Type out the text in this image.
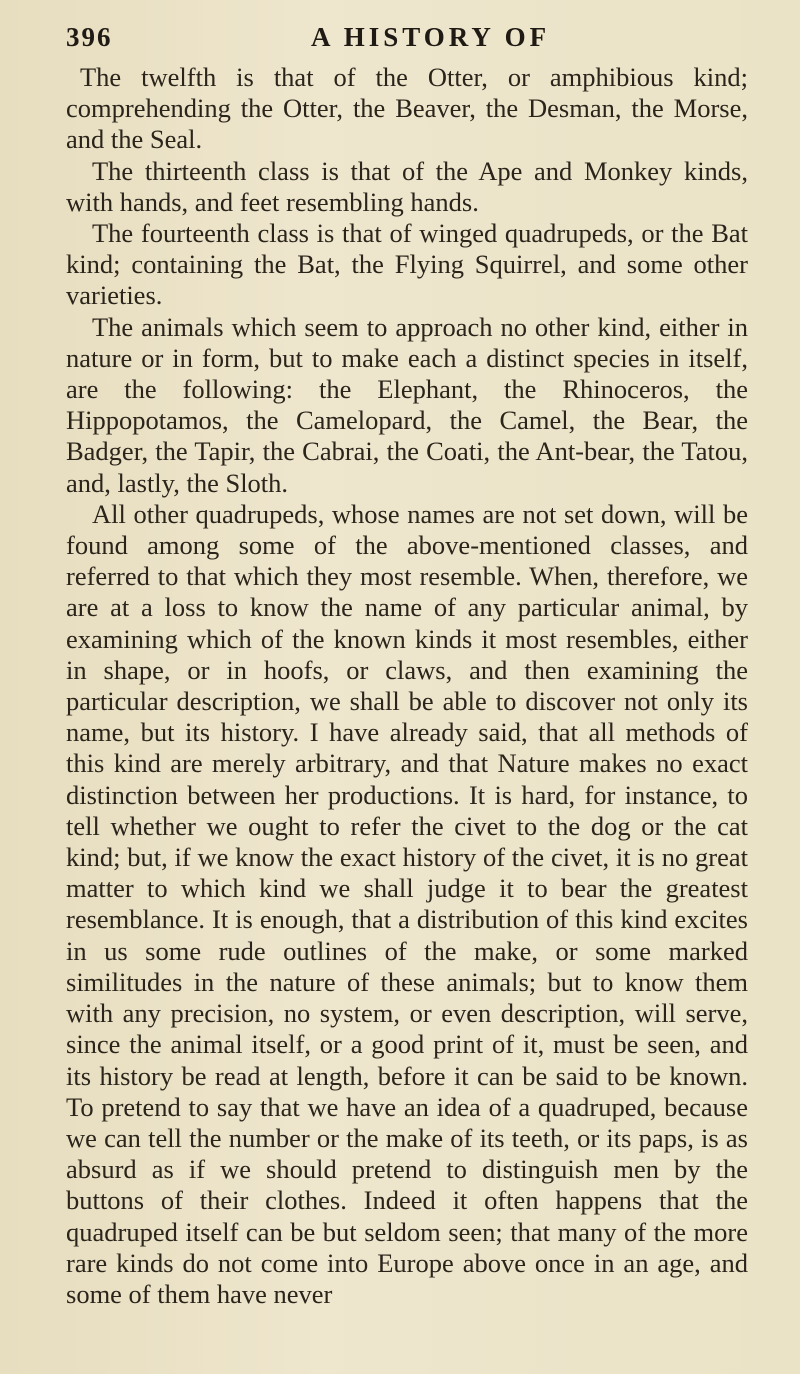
396	A HISTORY OF

The twelfth is that of the Otter, or amphibious kind; comprehending the Otter, the Beaver, the Desman, the Morse, and the Seal.

The thirteenth class is that of the Ape and Monkey kinds, with hands, and feet resembling hands.

The fourteenth class is that of winged quadrupeds, or the Bat kind; containing the Bat, the Flying Squirrel, and some other varieties.

The animals which seem to approach no other kind, either in nature or in form, but to make each a distinct species in itself, are the following: the Elephant, the Rhinoceros, the Hippopotamos, the Camelopard, the Camel, the Bear, the Badger, the Tapir, the Cabrai, the Coati, the Ant-bear, the Tatou, and, lastly, the Sloth.

All other quadrupeds, whose names are not set down, will be found among some of the above-mentioned classes, and referred to that which they most resemble. When, therefore, we are at a loss to know the name of any particular animal, by examining which of the known kinds it most resembles, either in shape, or in hoofs, or claws, and then examining the particular description, we shall be able to discover not only its name, but its history. I have already said, that all methods of this kind are merely arbitrary, and that Nature makes no exact distinction between her productions. It is hard, for instance, to tell whether we ought to refer the civet to the dog or the cat kind; but, if we know the exact history of the civet, it is no great matter to which kind we shall judge it to bear the greatest resemblance. It is enough, that a distribution of this kind excites in us some rude outlines of the make, or some marked similitudes in the nature of these animals; but to know them with any precision, no system, or even description, will serve, since the animal itself, or a good print of it, must be seen, and its history be read at length, before it can be said to be known. To pretend to say that we have an idea of a quadruped, because we can tell the number or the make of its teeth, or its paps, is as absurd as if we should pretend to distinguish men by the buttons of their clothes. Indeed it often happens that the quadruped itself can be but seldom seen; that many of the more rare kinds do not come into Europe above once in an age, and some of them have never
